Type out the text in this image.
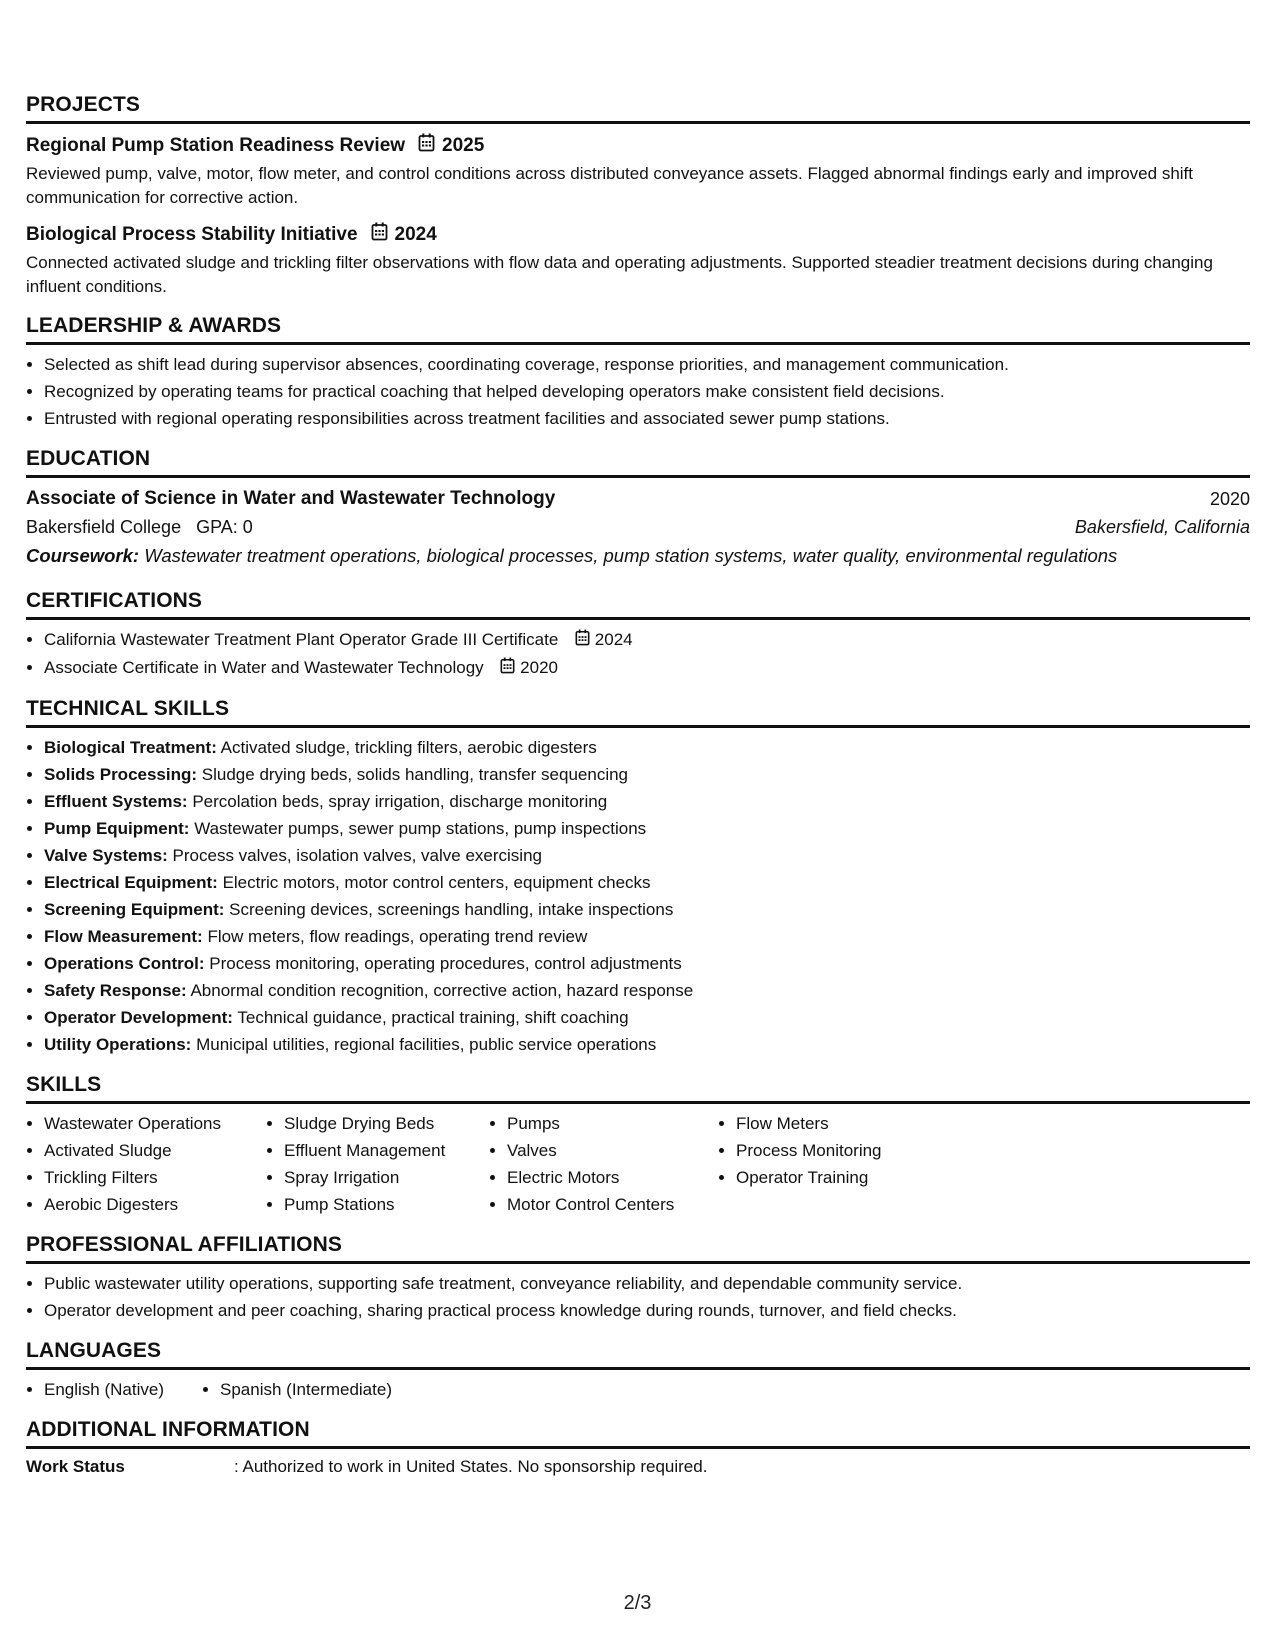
PROJECTS
Regional Pump Station Readiness Review 2025
Reviewed pump, valve, motor, flow meter, and control conditions across distributed conveyance assets. Flagged abnormal findings early and improved shift communication for corrective action.
Biological Process Stability Initiative 2024
Connected activated sludge and trickling filter observations with flow data and operating adjustments. Supported steadier treatment decisions during changing influent conditions.
LEADERSHIP & AWARDS
• Selected as shift lead during supervisor absences, coordinating coverage, response priorities, and management communication.
• Recognized by operating teams for practical coaching that helped developing operators make consistent field decisions.
• Entrusted with regional operating responsibilities across treatment facilities and associated sewer pump stations.
EDUCATION
Associate of Science in Water and Wastewater Technology	2020
Bakersfield College GPA: 0	Bakersfield, California
Coursework: Wastewater treatment operations, biological processes, pump station systems, water quality, environmental regulations
CERTIFICATIONS
• California Wastewater Treatment Plant Operator Grade III Certificate 2024
• Associate Certificate in Water and Wastewater Technology 2020
TECHNICAL SKILLS
• Biological Treatment: Activated sludge, trickling filters, aerobic digesters
• Solids Processing: Sludge drying beds, solids handling, transfer sequencing
• Effluent Systems: Percolation beds, spray irrigation, discharge monitoring
• Pump Equipment: Wastewater pumps, sewer pump stations, pump inspections
• Valve Systems: Process valves, isolation valves, valve exercising
• Electrical Equipment: Electric motors, motor control centers, equipment checks
• Screening Equipment: Screening devices, screenings handling, intake inspections
• Flow Measurement: Flow meters, flow readings, operating trend review
• Operations Control: Process monitoring, operating procedures, control adjustments
• Safety Response: Abnormal condition recognition, corrective action, hazard response
• Operator Development: Technical guidance, practical training, shift coaching
• Utility Operations: Municipal utilities, regional facilities, public service operations
SKILLS
• Wastewater Operations
• Activated Sludge
• Trickling Filters
• Aerobic Digesters
• Sludge Drying Beds
• Effluent Management
• Spray Irrigation
• Pump Stations
• Pumps
• Valves
• Electric Motors
• Motor Control Centers
• Flow Meters
• Process Monitoring
• Operator Training
PROFESSIONAL AFFILIATIONS
• Public wastewater utility operations, supporting safe treatment, conveyance reliability, and dependable community service.
• Operator development and peer coaching, sharing practical process knowledge during rounds, turnover, and field checks.
LANGUAGES
• English (Native)
•	Spanish (Intermediate)
ADDITIONAL INFORMATION
Work Status	: Authorized to work in United States. No sponsorship required.
2/3
